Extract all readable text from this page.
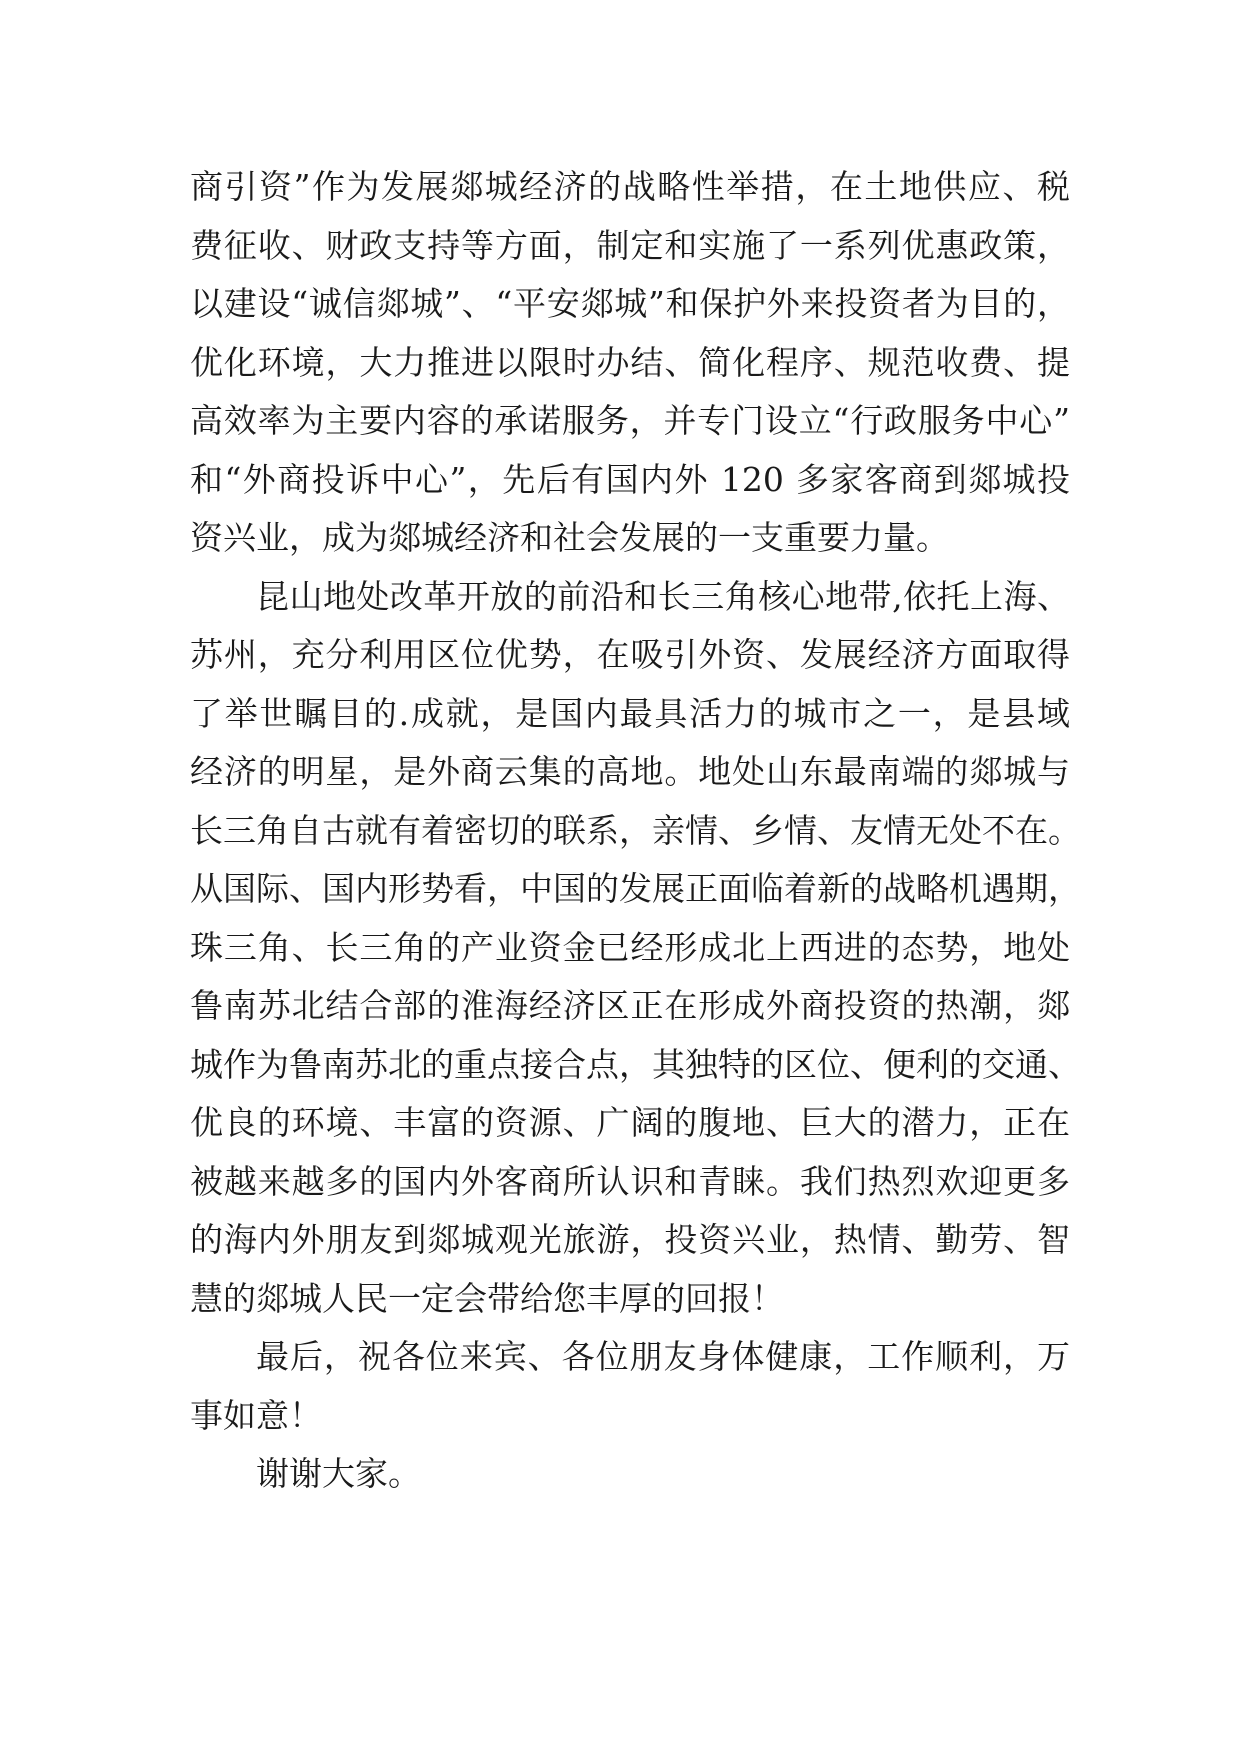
商引资”作为发展郯城经济的战略性举措，在土地供应、税
费征收、财政支持等方面，制定和实施了一系列优惠政策，
以建设“诚信郯城”、“平安郯城”和保护外来投资者为目的，
优化环境，大力推进以限时办结、简化程序、规范收费、提
高效率为主要内容的承诺服务，并专门设立“行政服务中心”
和“外商投诉中心”，先后有国内外 120 多家客商到郯城投
资兴业，成为郯城经济和社会发展的一支重要力量。
昆山地处改革开放的前沿和长三角核心地带,依托上海、
苏州，充分利用区位优势，在吸引外资、发展经济方面取得
了举世瞩目的.成就，是国内最具活力的城市之一，是县域
经济的明星，是外商云集的高地。地处山东最南端的郯城与
长三角自古就有着密切的联系，亲情、乡情、友情无处不在。
从国际、国内形势看，中国的发展正面临着新的战略机遇期，
珠三角、长三角的产业资金已经形成北上西进的态势，地处
鲁南苏北结合部的淮海经济区正在形成外商投资的热潮，郯
城作为鲁南苏北的重点接合点，其独特的区位、便利的交通、
优良的环境、丰富的资源、广阔的腹地、巨大的潜力，正在
被越来越多的国内外客商所认识和青睐。我们热烈欢迎更多
的海内外朋友到郯城观光旅游，投资兴业，热情、勤劳、智
慧的郯城人民一定会带给您丰厚的回报！
最后，祝各位来宾、各位朋友身体健康，工作顺利，万
事如意！
谢谢大家。
